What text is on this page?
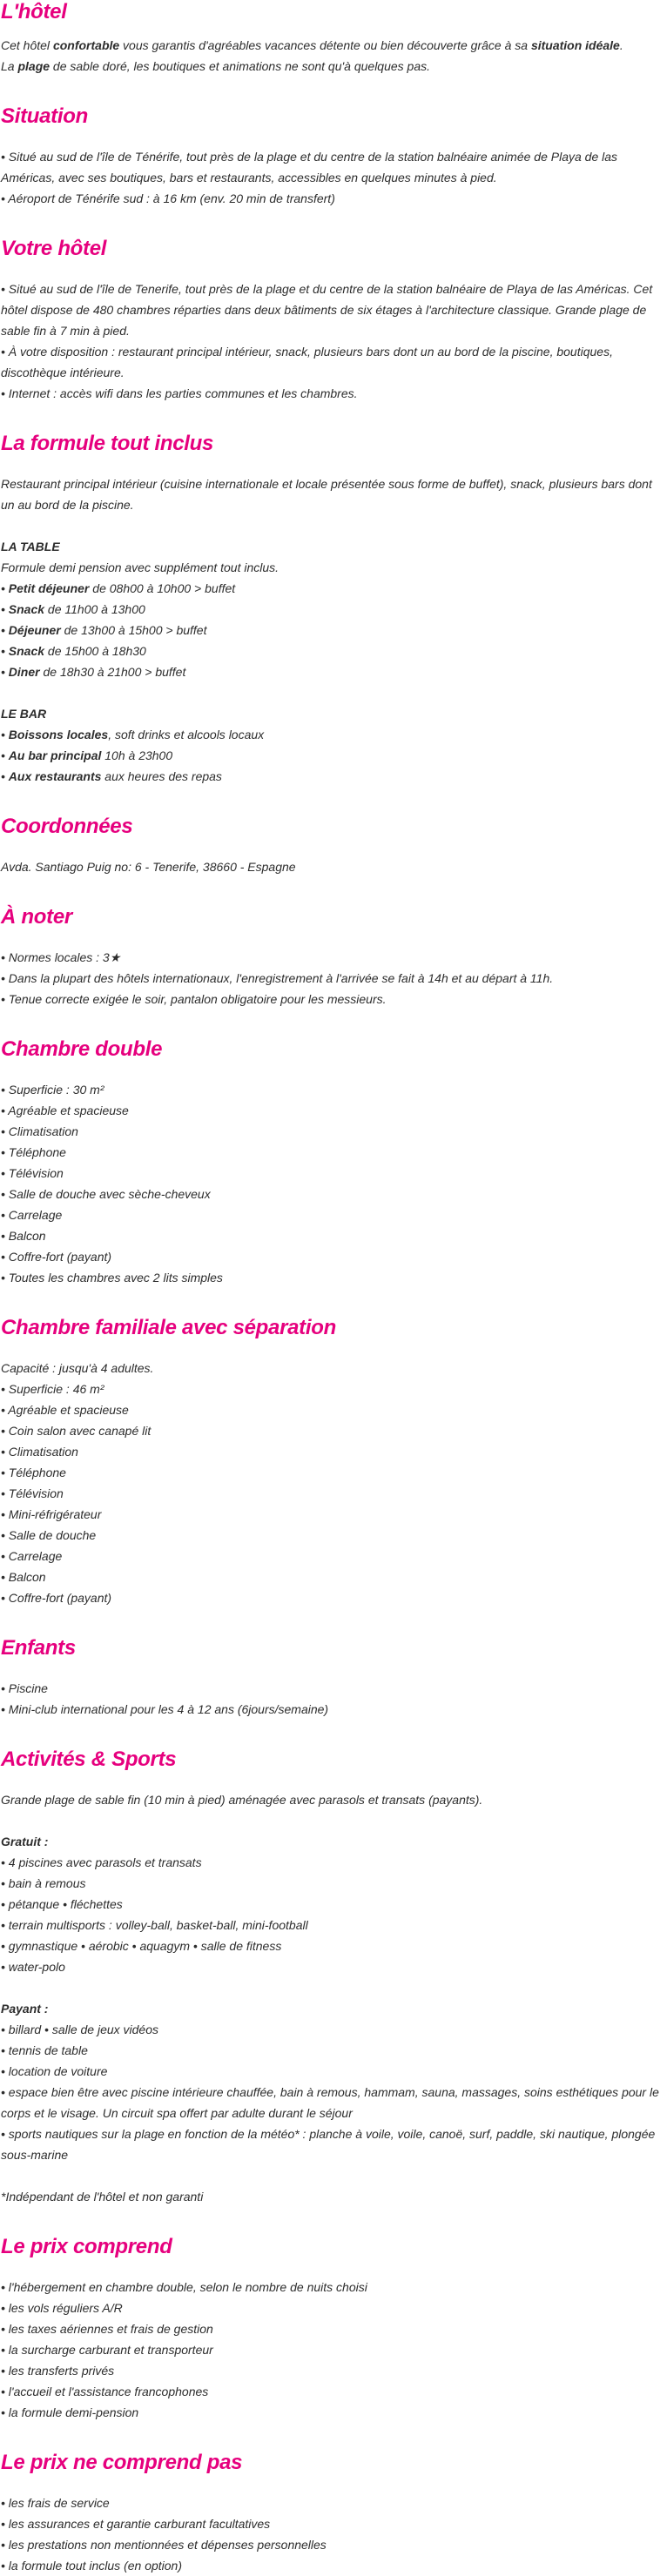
L'hôtel

Cet hôtel confortable vous garantis d'agréables vacances détente ou bien découverte grâce à sa situation idéale.

La plage de sable doré, les boutiques et animations ne sont qu'à quelques pas.

Situation

• Situé au sud de l'île de Ténérife, tout près de la plage et du centre de la station balnéaire animée de Playa de las Américas, avec ses boutiques, bars et restaurants, accessibles en quelques minutes à pied.

• Aéroport de Ténérife sud : à 16 km (env. 20 min de transfert)

Votre hôtel

• Situé au sud de l'île de Tenerife, tout près de la plage et du centre de la station balnéaire de Playa de las Américas. Cet hôtel dispose de 480 chambres réparties dans deux bâtiments de six étages à l'architecture classique. Grande plage de sable fin à 7 min à pied.

• À votre disposition : restaurant principal intérieur, snack, plusieurs bars dont un au bord de la piscine, boutiques, discothèque intérieure.

• Internet : accès wifi dans les parties communes et les chambres.

La formule tout inclus

Restaurant principal intérieur (cuisine internationale et locale présentée sous forme de buffet), snack, plusieurs bars dont un au bord de la piscine.

LA TABLE

Formule demi pension avec supplément tout inclus.

• Petit déjeuner de 08h00 à 10h00 > buffet

• Snack de 11h00 à 13h00

• Déjeuner de 13h00 à 15h00 > buffet

• Snack de 15h00 à 18h30

• Diner de 18h30 à 21h00 > buffet

LE BAR

• Boissons locales, soft drinks et alcools locaux

• Au bar principal 10h à 23h00

• Aux restaurants aux heures des repas

Coordonnées

Avda. Santiago Puig no: 6 - Tenerife, 38660 - Espagne

À noter

• Normes locales : 3★

• Dans la plupart des hôtels internationaux, l'enregistrement à l'arrivée se fait à 14h et au départ à 11h.

• Tenue correcte exigée le soir, pantalon obligatoire pour les messieurs.

Chambre double

• Superficie : 30 m²

• Agréable et spacieuse

• Climatisation

• Téléphone

• Télévision

• Salle de douche avec sèche-cheveux

• Carrelage

• Balcon

• Coffre-fort (payant)

• Toutes les chambres avec 2 lits simples

Chambre familiale avec séparation

Capacité : jusqu'à 4 adultes.

• Superficie : 46 m²

• Agréable et spacieuse

• Coin salon avec canapé lit

• Climatisation

• Téléphone

• Télévision

• Mini-réfrigérateur

• Salle de douche

• Carrelage

• Balcon

• Coffre-fort (payant)

Enfants

• Piscine

• Mini-club international pour les 4 à 12 ans (6jours/semaine)

Activités & Sports

Grande plage de sable fin (10 min à pied) aménagée avec parasols et transats (payants).

Gratuit :

• 4 piscines avec parasols et transats

• bain à remous

• pétanque • fléchettes

• terrain multisports : volley-ball, basket-ball, mini-football

• gymnastique • aérobic • aquagym • salle de fitness

• water-polo

Payant :

• billard • salle de jeux vidéos

• tennis de table

• location de voiture

• espace bien être avec piscine intérieure chauffée, bain à remous, hammam, sauna, massages, soins esthétiques pour le corps et le visage. Un circuit spa offert par adulte durant le séjour

• sports nautiques sur la plage en fonction de la météo* : planche à voile, voile, canoë, surf, paddle, ski nautique, plongée sous-marine

*Indépendant de l'hôtel et non garanti

Le prix comprend

• l'hébergement en chambre double, selon le nombre de nuits choisi

• les vols réguliers A/R

• les taxes aériennes et frais de gestion

• la surcharge carburant et transporteur

• les transferts privés

• l'accueil et l'assistance francophones

• la formule demi-pension

Le prix ne comprend pas

• les frais de service

• les assurances et garantie carburant facultatives

• les prestations non mentionnées et dépenses personnelles

• la formule tout inclus (en option)
